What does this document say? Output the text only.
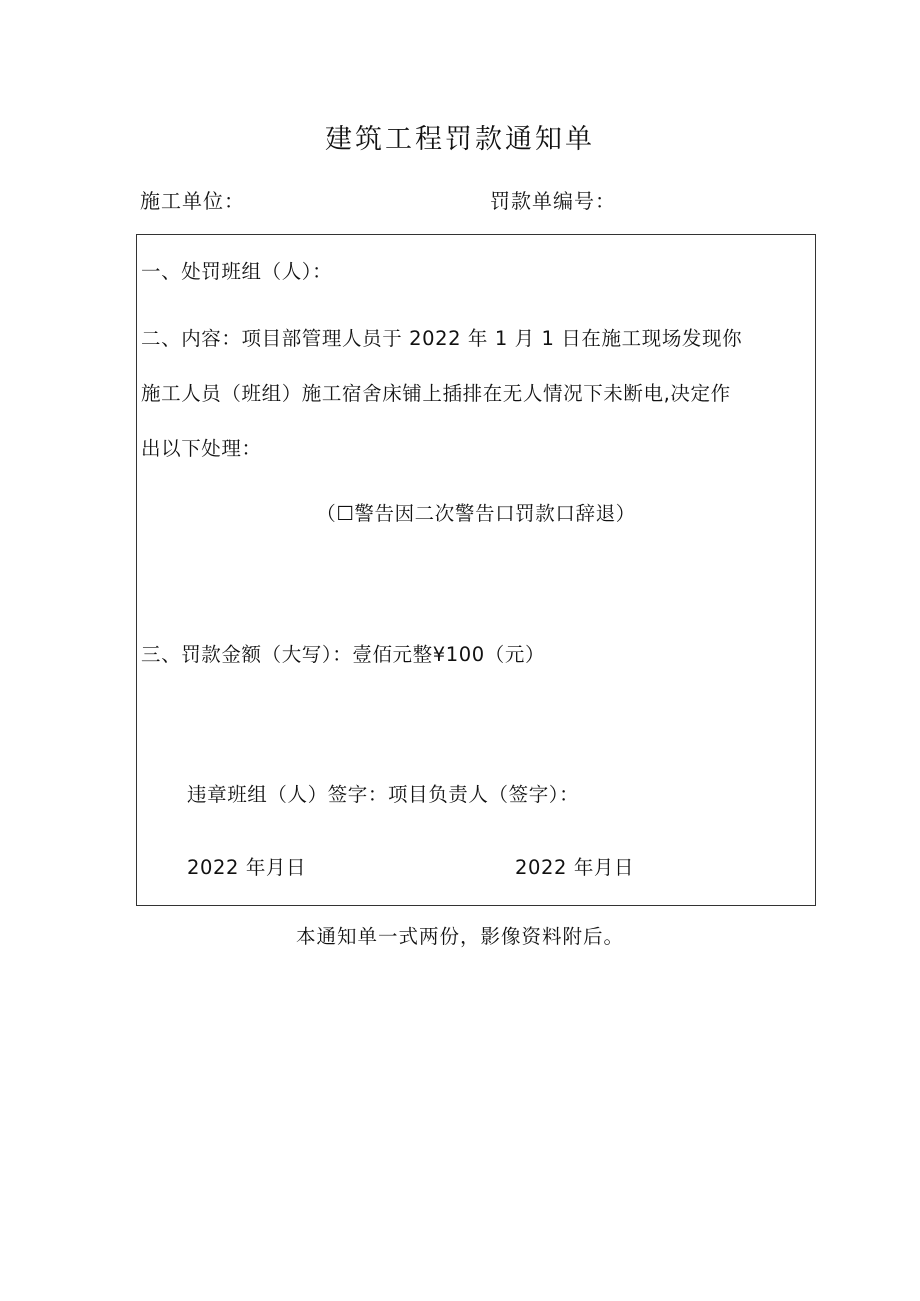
建筑工程罚款通知单
施工单位：	罚款单编号：
一、处罚班组（人）：
二、内容：项目部管理人员于 2022 年 1 月 1 日在施工现场发现你
施工人员（班组）施工宿舍床铺上插排在无人情况下未断电,决定作
出以下处理：
（☐警告因二次警告口罚款口辞退）
三、罚款金额（大写）：壹佰元整¥100（元）
违章班组（人）签字：项目负责人（签字）：
2022 年月日	2022 年月日
本通知单一式两份，影像资料附后。
